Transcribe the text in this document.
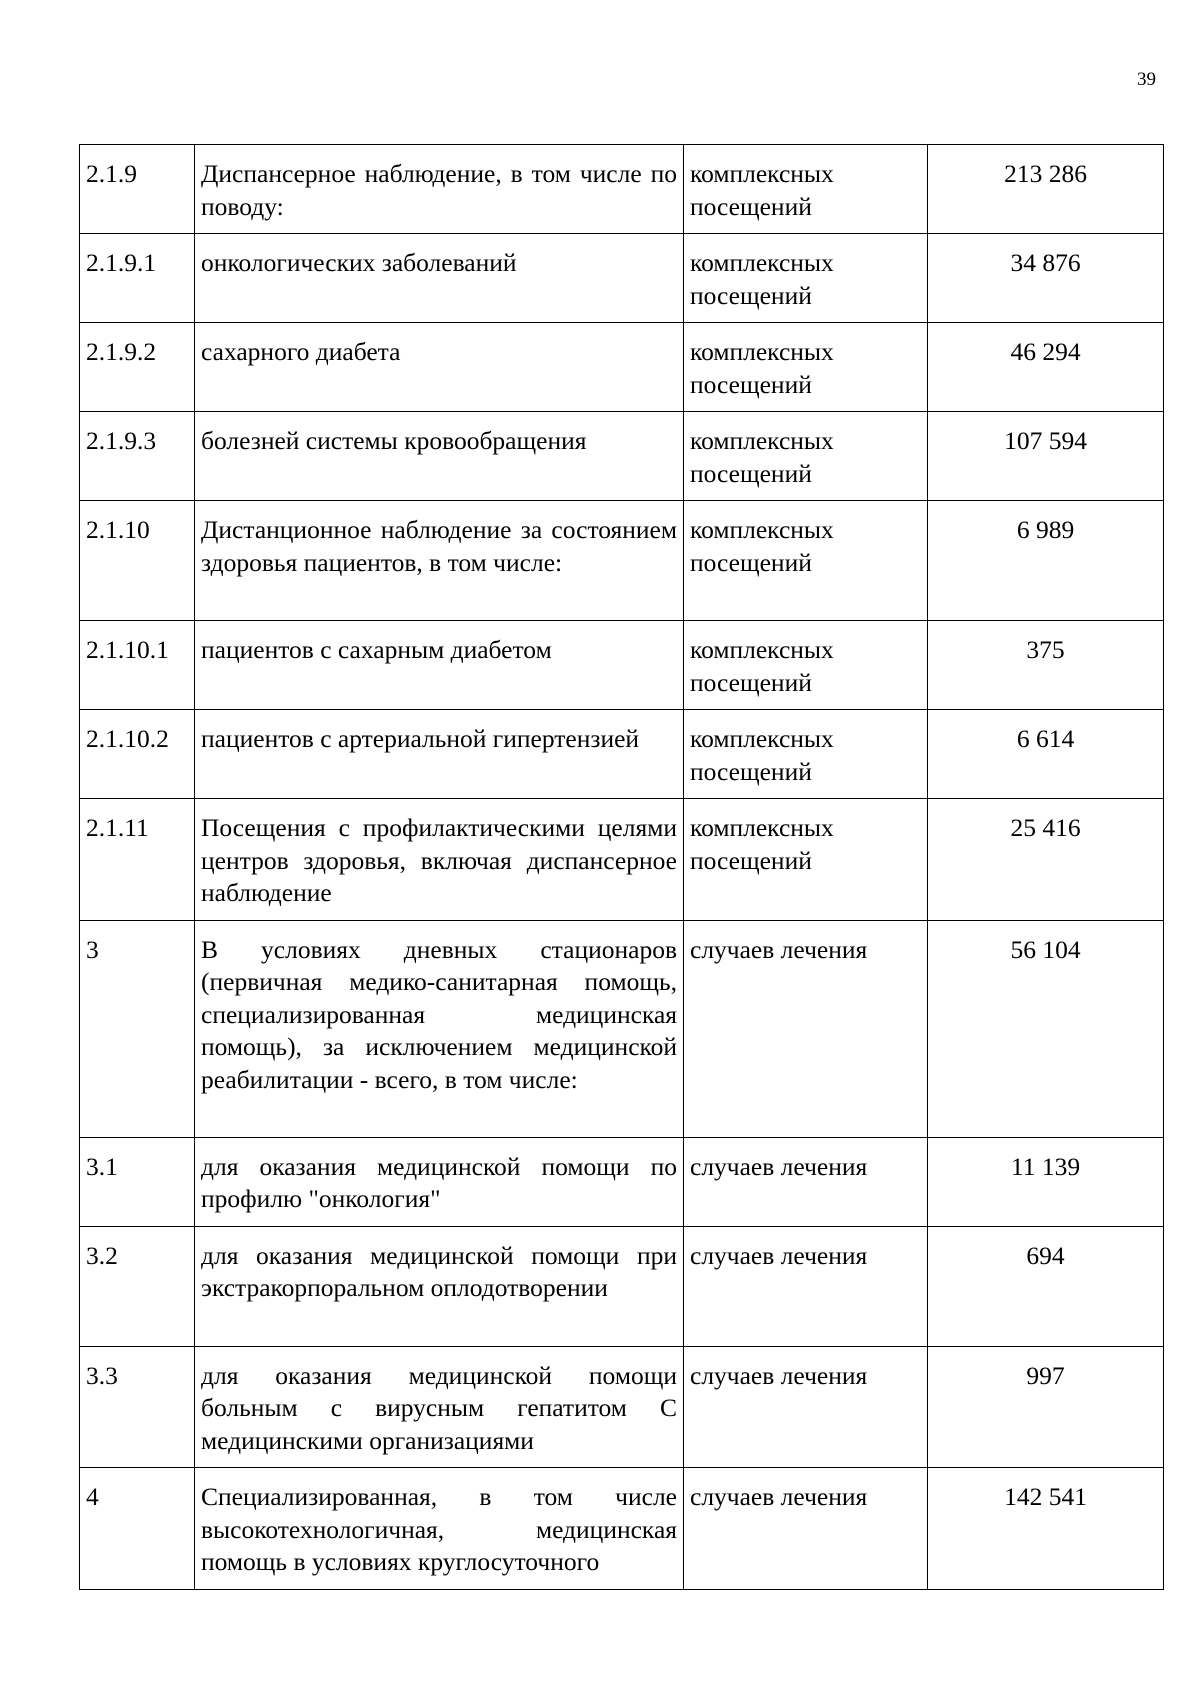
39
2.1.9	Диспансерное наблюдение, в том числе по поводу:	комплексных посещений	213 286
2.1.9.1	онкологических заболеваний	комплексных посещений	34 876
2.1.9.2	сахарного диабета	комплексных посещений	46 294
2.1.9.3	болезней системы кровообращения	комплексных посещений	107 594
2.1.10	Дистанционное наблюдение за состоянием здоровья пациентов, в том числе:	комплексных посещений	6 989
2.1.10.1	пациентов с сахарным диабетом	комплексных посещений	375
2.1.10.2	пациентов с артериальной гипертензией	комплексных посещений	6 614
2.1.11	Посещения с профилактическими целями центров здоровья, включая диспансерное наблюдение	комплексных посещений	25 416
3	В условиях дневных стационаров (первичная медико-санитарная помощь, специализированная медицинская помощь), за исключением медицинской реабилитации - всего, в том числе:	случаев лечения	56 104
3.1	для оказания медицинской помощи по профилю "онкология"	случаев лечения	11 139
3.2	для оказания медицинской помощи при экстракорпоральном оплодотворении	случаев лечения	694
3.3	для оказания медицинской помощи больным с вирусным гепатитом С медицинскими организациями	случаев лечения	997
4	Специализированная, в том числе высокотехнологичная, медицинская помощь в условиях круглосуточного	случаев лечения	142 541
